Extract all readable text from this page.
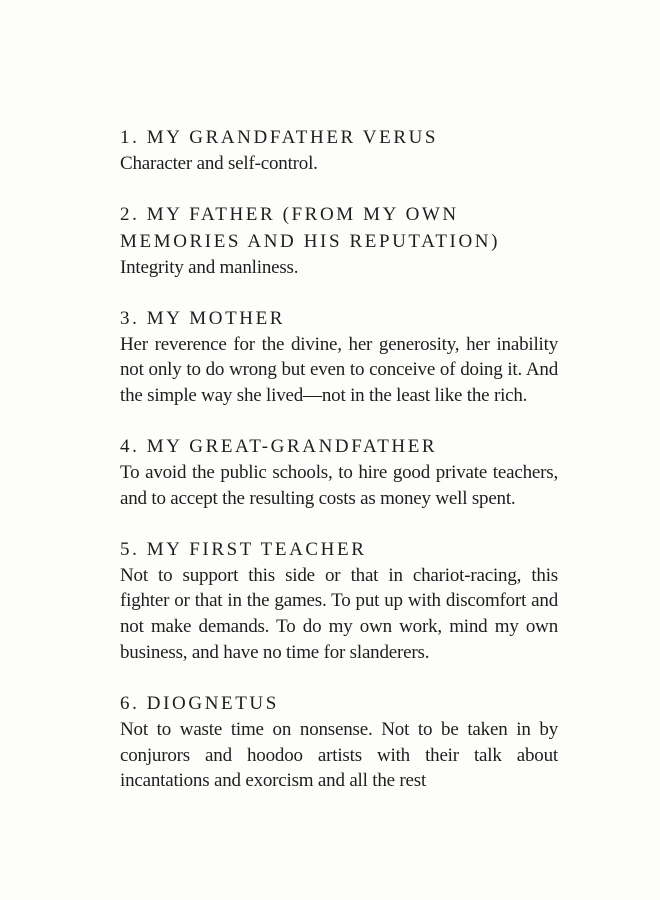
1. MY GRANDFATHER VERUS

Character and self-control.

2. MY FATHER (FROM MY OWN MEMORIES AND HIS REPUTATION)

Integrity and manliness.

3. MY MOTHER

Her reverence for the divine, her generosity, her inability not only to do wrong but even to conceive of doing it. And the simple way she lived—not in the least like the rich.

4. MY GREAT-GRANDFATHER

To avoid the public schools, to hire good private teachers, and to accept the resulting costs as money well spent.

5. MY FIRST TEACHER

Not to support this side or that in chariot-racing, this fighter or that in the games. To put up with discomfort and not make demands. To do my own work, mind my own business, and have no time for slanderers.

6. DIOGNETUS

Not to waste time on nonsense. Not to be taken in by conjurors and hoodoo artists with their talk about incantations and exorcism and all the rest
